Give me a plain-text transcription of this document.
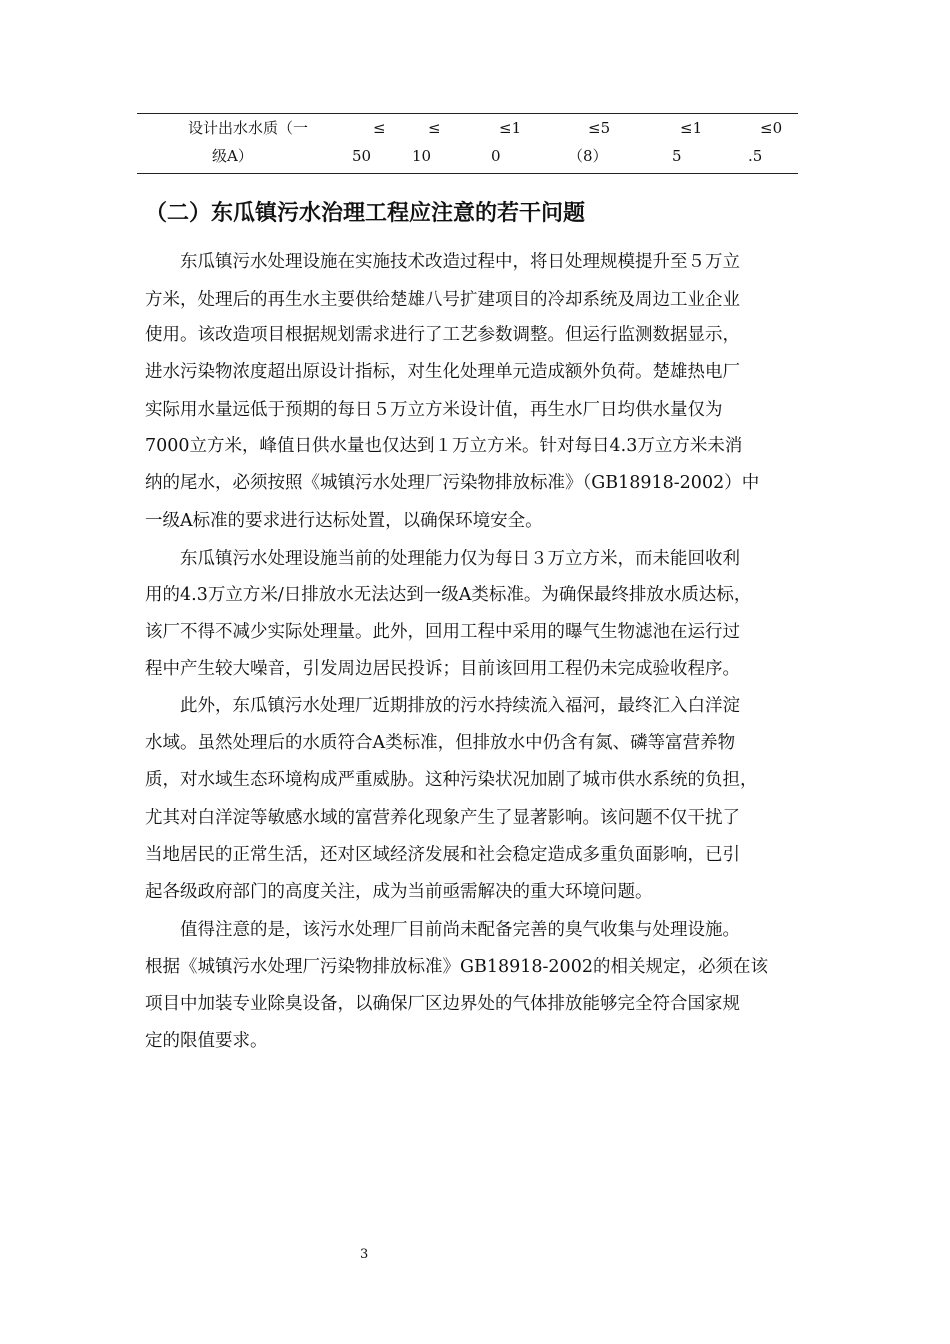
设计出水水质（一	≤	≤	≤1	≤5	≤1	≤0
级A）	50	10	0	（8）	5	.5
（二）东瓜镇污水治理工程应注意的若干问题
　　东瓜镇污水处理设施在实施技术改造过程中，将日处理规模提升至５万立
方米，处理后的再生水主要供给楚雄八号扩建项目的冷却系统及周边工业企业
使用。该改造项目根据规划需求进行了工艺参数调整。但运行监测数据显示，
进水污染物浓度超出原设计指标，对生化处理单元造成额外负荷。楚雄热电厂
实际用水量远低于预期的每日５万立方米设计值，再生水厂日均供水量仅为
7000立方米，峰值日供水量也仅达到１万立方米。针对每日4.3万立方米未消
纳的尾水，必须按照《城镇污水处理厂污染物排放标准》（GB18918-2002）中
一级A标准的要求进行达标处置，以确保环境安全。
　　东瓜镇污水处理设施当前的处理能力仅为每日３万立方米，而未能回收利
用的4.3万立方米/日排放水无法达到一级A类标准。为确保最终排放水质达标，
该厂不得不减少实际处理量。此外，回用工程中采用的曝气生物滤池在运行过
程中产生较大噪音，引发周边居民投诉；目前该回用工程仍未完成验收程序。
　　此外，东瓜镇污水处理厂近期排放的污水持续流入福河，最终汇入白洋淀
水域。虽然处理后的水质符合A类标准，但排放水中仍含有氮、磷等富营养物
质，对水域生态环境构成严重威胁。这种污染状况加剧了城市供水系统的负担，
尤其对白洋淀等敏感水域的富营养化现象产生了显著影响。该问题不仅干扰了
当地居民的正常生活，还对区域经济发展和社会稳定造成多重负面影响，已引
起各级政府部门的高度关注，成为当前亟需解决的重大环境问题。
　　值得注意的是，该污水处理厂目前尚未配备完善的臭气收集与处理设施。
根据《城镇污水处理厂污染物排放标准》GB18918-2002的相关规定，必须在该
项目中加装专业除臭设备，以确保厂区边界处的气体排放能够完全符合国家规
定的限值要求。
3
